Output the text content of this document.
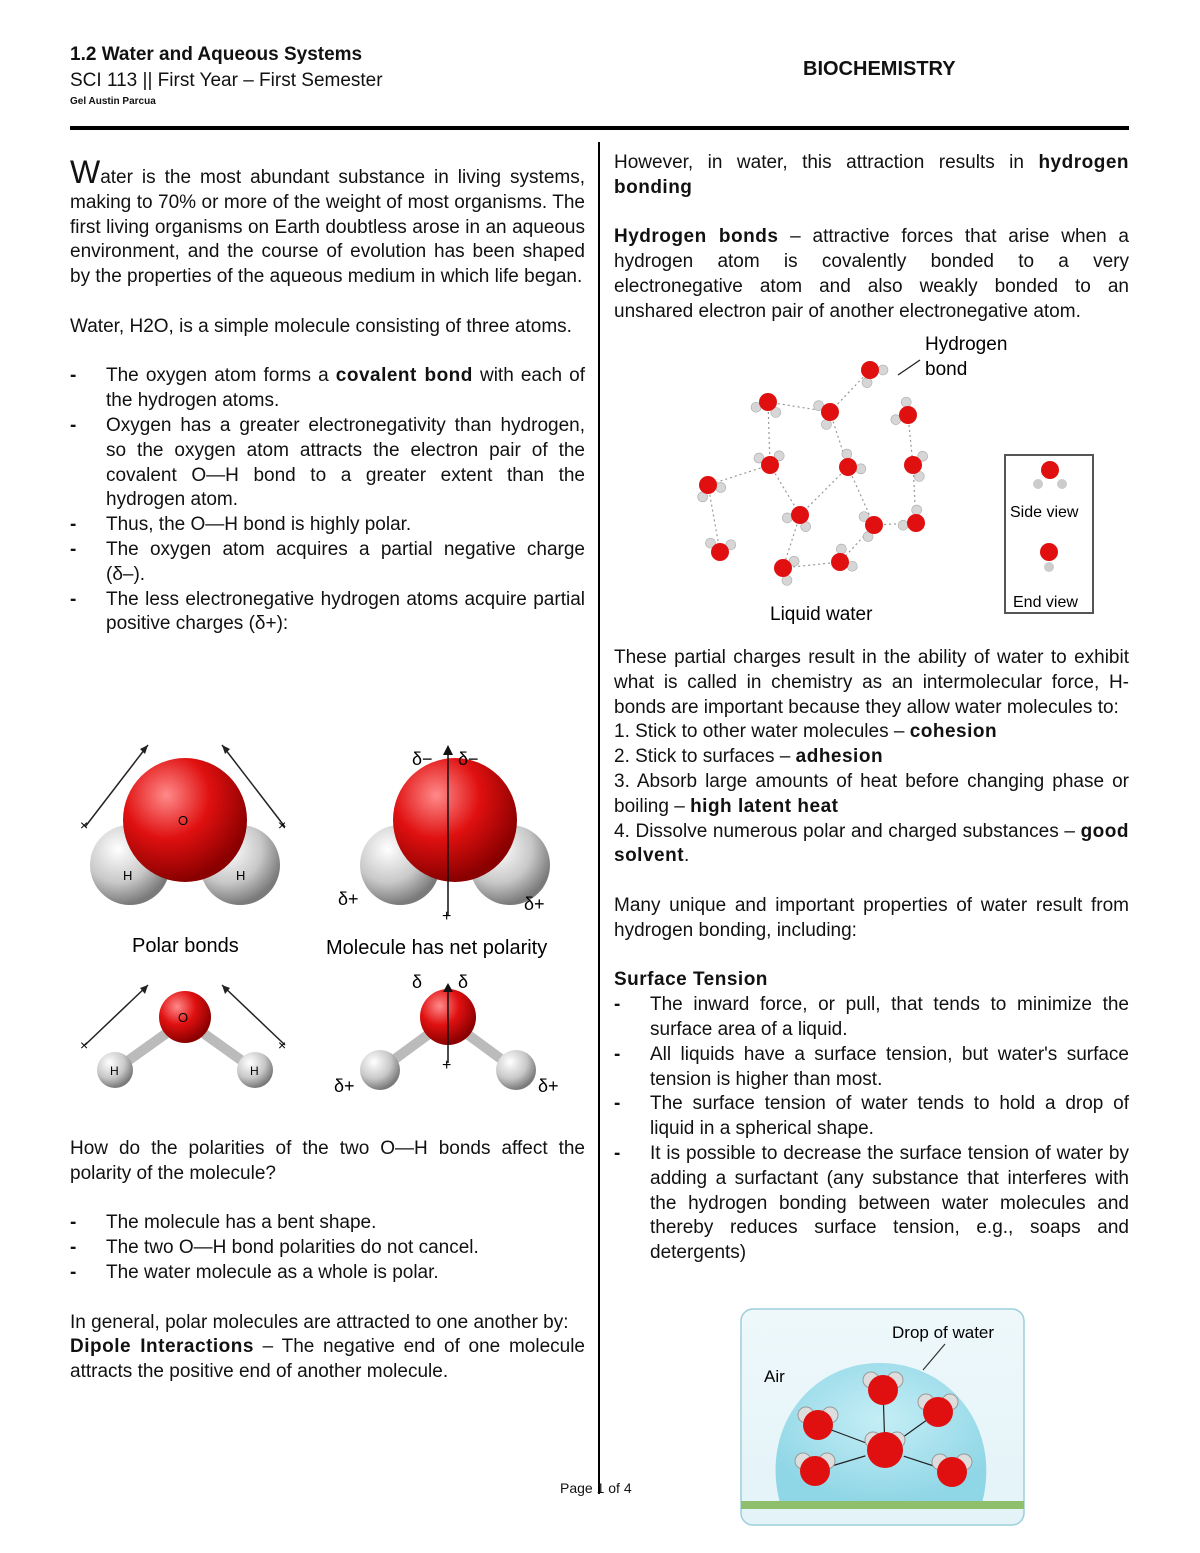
1.2 Water and Aqueous Systems
SCI 113 || First Year – First Semester
Gel Austin Parcua
BIOCHEMISTRY

Water is the most abundant substance in living systems, making to 70% or more of the weight of most organisms. The first living organisms on Earth doubtless arose in an aqueous environment, and the course of evolution has been shaped by the properties of the aqueous medium in which life began.

Water, H2O, is a simple molecule consisting of three atoms.

- The oxygen atom forms a covalent bond with each of the hydrogen atoms.
- Oxygen has a greater electronegativity than hydrogen, so the oxygen atom attracts the electron pair of the covalent O—H bond to a greater extent than the hydrogen atom.
- Thus, the O—H bond is highly polar.
- The oxygen atom acquires a partial negative charge (δ–).
- The less electronegative hydrogen atoms acquire partial positive charges (δ+):
×	×
O
H	H
Polar bonds
+
δ− δ−
δ+	δ+
Molecule has net polarity
×	×
O
H	H	+
δ δ
δ+	δ+

How do the polarities of the two O—H bonds affect the polarity of the molecule?

- The molecule has a bent shape.
- The two O—H bond polarities do not cancel.
- The water molecule as a whole is polar.

In general, polar molecules are attracted to one another by:

Dipole Interactions – The negative end of one molecule attracts the positive end of another molecule.

However, in water, this attraction results in hydrogen bonding

Hydrogen bonds – attractive forces that arise when a hydrogen atom is covalently bonded to a very electronegative atom and also weakly bonded to an unshared electron pair of another electronegative atom.

Hydrogen
bond
Liquid water
Side view
End view

These partial charges result in the ability of water to exhibit what is called in chemistry as an intermolecular force, H-bonds are important because they allow water molecules to:

1. Stick to other water molecules – cohesion

2. Stick to surfaces – adhesion

3. Absorb large amounts of heat before changing phase or boiling – high latent heat

4. Dissolve numerous polar and charged substances – good solvent.

Many unique and important properties of water result from hydrogen bonding, including:

Surface Tension

- The inward force, or pull, that tends to minimize the surface area of a liquid.
- All liquids have a surface tension, but water's surface tension is higher than most.
- The surface tension of water tends to hold a drop of liquid in a spherical shape.
- It is possible to decrease the surface tension of water by adding a surfactant (any substance that interferes with the hydrogen bonding between water molecules and thereby reduces surface tension, e.g., soaps and detergents)
Drop of water
Air
Page 1 of 4
